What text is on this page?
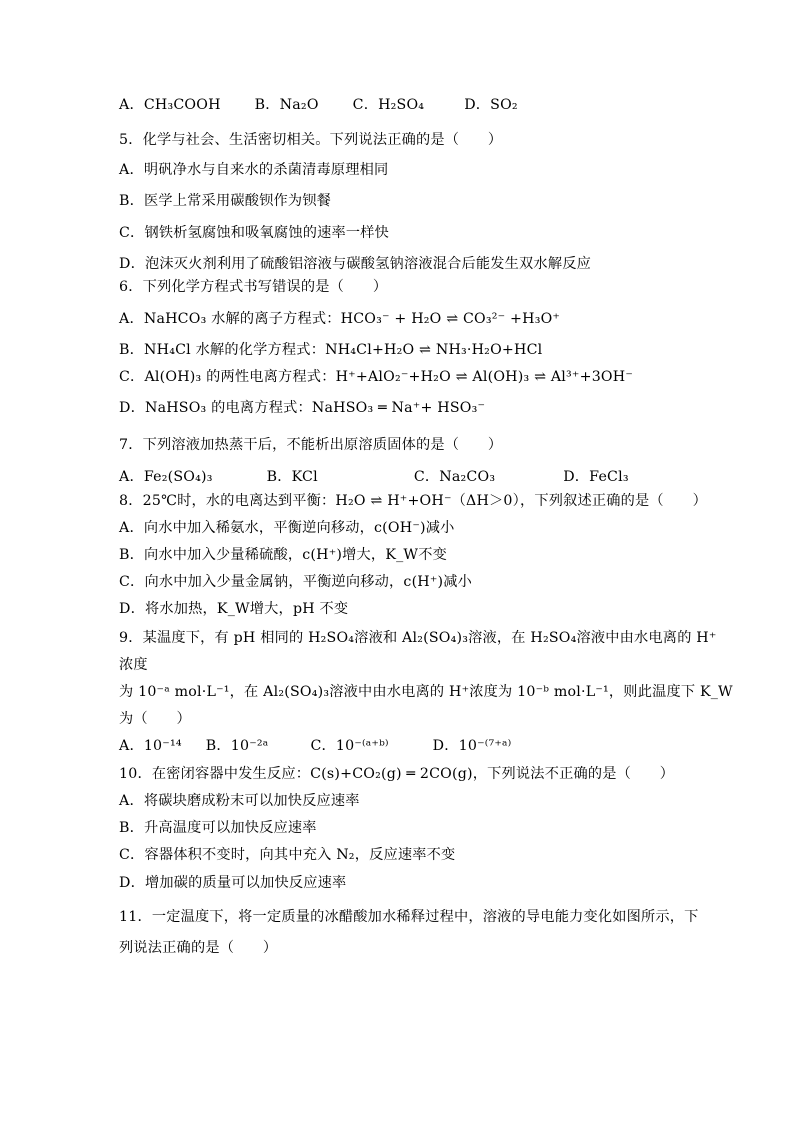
A．CH₃COOH B．Na₂O C．H₂SO₄	D．SO₂
5．化学与社会、生活密切相关。下列说法正确的是（　　）
A．明矾净水与自来水的杀菌清毒原理相同
B．医学上常采用碳酸钡作为钡餐
C．钢铁析氢腐蚀和吸氧腐蚀的速率一样快
D．泡沫灭火剂利用了硫酸铝溶液与碳酸氢钠溶液混合后能发生双水解反应
6．下列化学方程式书写错误的是（　　）
A．NaHCO₃ 水解的离子方程式：HCO₃⁻ + H₂O ⇌ CO₃²⁻ +H₃O⁺
B．NH₄Cl 水解的化学方程式：NH₄Cl+H₂O ⇌ NH₃·H₂O+HCl
C．Al(OH)₃ 的两性电离方程式：H⁺+AlO₂⁻+H₂O ⇌ Al(OH)₃ ⇌ Al³⁺+3OH⁻
D．NaHSO₃ 的电离方程式：NaHSO₃ ═ Na⁺+ HSO₃⁻
7．下列溶液加热蒸干后，不能析出原溶质固体的是（　　）
A．Fe₂(SO₄)₃	B．KCl	C．Na₂CO₃	D．FeCl₃
8．25℃时，水的电离达到平衡：H₂O ⇌ H⁺+OH⁻（ΔH＞0），下列叙述正确的是（　　）
A．向水中加入稀氨水，平衡逆向移动，c(OH⁻)减小
B．向水中加入少量稀硫酸，c(H⁺)增大，K_W不变
C．向水中加入少量金属钠，平衡逆向移动，c(H⁺)减小
D．将水加热，K_W增大，pH 不变
9．某温度下，有 pH 相同的 H₂SO₄溶液和 Al₂(SO₄)₃溶液，在 H₂SO₄溶液中由水电离的 H⁺
浓度
为 10⁻ᵃ mol·L⁻¹，在 Al₂(SO₄)₃溶液中由水电离的 H⁺浓度为 10⁻ᵇ mol·L⁻¹，则此温度下 K_W
为（　　）
A．10⁻¹⁴ B．10⁻²ᵃ	C．10⁻⁽ᵃ⁺ᵇ⁾	D．10⁻⁽⁷⁺ᵃ⁾
10．在密闭容器中发生反应：C(s)+CO₂(g) ═ 2CO(g)，下列说法不正确的是（　　）
A．将碳块磨成粉末可以加快反应速率
B．升高温度可以加快反应速率
C．容器体积不变时，向其中充入 N₂，反应速率不变
D．增加碳的质量可以加快反应速率
11．一定温度下，将一定质量的冰醋酸加水稀释过程中，溶液的导电能力变化如图所示，下
列说法正确的是（　　）
